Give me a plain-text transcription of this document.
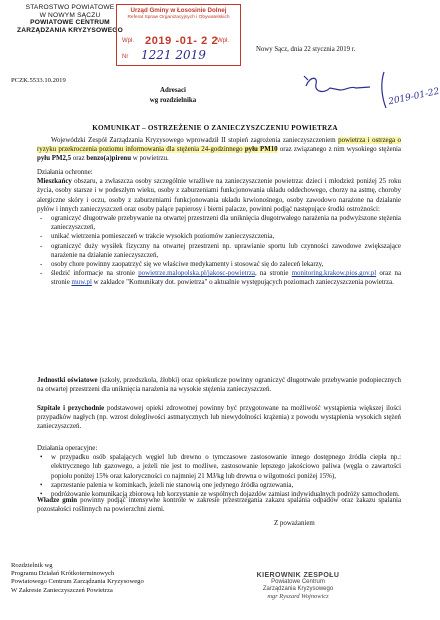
STAROSTWO POWIATOWE
W NOWYM SĄCZU
POWIATOWE CENTRUM
ZARZĄDZANIA KRYZYSOWEGO
Urząd Gminy w Łososinie Dolnej
Referat Spraw Organizacyjnych i Obywatelskich
Wpł. 2019 -01- 2 2
Wpł.
Nr 1221 2019	Nowy Sącz, dnia 22 stycznia 2019 r.
2019-01-22
PCZK.5533.10.2019
Adresaci
wg rozdzielnika
KOMUNIKAT – OSTRZEŻENIE O ZANIECZYSZCZENIU POWIETRZA
Wojewódzki Zespół Zarządzania Kryzysowego wprowadził II stopień zagrożenia zanieczyszczeniem powietrza i ostrzega o ryzyku przekroczenia poziomu informowania dla stężenia 24-godzinnego pyłu PM10 oraz związanego z nim wysokiego stężenia pyłu PM2,5 oraz benzo(a)pirenu w powietrzu.
Działania ochronne:
Mieszkańcy obszaru, a zwłaszcza osoby szczególnie wrażliwe na zanieczyszczenie powietrza: dzieci i młodzież poniżej 25 roku życia, osoby starsze i w podeszłym wieku, osoby z zaburzeniami funkcjonowania układu oddechowego, chorzy na astmę, choroby alergiczne skóry i oczu, osoby z zaburzeniami funkcjonowania układu krwionośnego, osoby zawodowo narażone na działanie pyłów i innych zanieczyszczeń oraz osoby palące papierosy i bierni palacze, powinni podjąć następujące środki ostrożności:
- ograniczyć długotrwałe przebywanie na otwartej przestrzeni dla uniknięcia długotrwałego narażenia na podwyższone stężenia zanieczyszczeń,
- unikać wietrzenia pomieszczeń w trakcie wysokich poziomów zanieczyszczenia,
- ograniczyć duży wysiłek fizyczny na otwartej przestrzeni np. uprawianie sportu lub czynności zawodowe zwiększające narażenie na działanie zanieczyszczeń,
- osoby chore powinny zaopatrzyć się we właściwe medykamenty i stosować się do zaleceń lekarzy,
- śledzić informacje na stronie powietrze.malopolska.pl/jakosc-powietrza, na stronie monitoring.krakow.pios.gov.pl oraz na stronie muw.pl w zakładce "Komunikaty dot. powietrza" o aktualnie występujących poziomach zanieczyszczenia powietrza.
Jednostki oświatowe (szkoły, przedszkola, żłobki) oraz opiekuńcze powinny ograniczyć długotrwałe przebywanie podopiecznych na otwartej przestrzeni dla uniknięcia narażenia na wysokie stężenia zanieczyszczeń.
Szpitale i przychodnie podstawowej opieki zdrowotnej powinny być przygotowane na możliwość wystąpienia większej ilości przypadków nagłych (np. wzrost dolegliwości astmatycznych lub niewydolności krążenia) z powodu wystąpienia wysokich stężeń zanieczyszczeń.
Działania operacyjne:
• w przypadku osób spalających węgiel lub drewno o tymczasowe zastosowanie innego dostępnego źródła ciepła np.: elektrycznego lub gazowego, a jeżeli nie jest to możliwe, zastosowanie lepszego jakościowo paliwa (węgla o zawartości popiołu poniżej 15% oraz kaloryczności co najmniej 21 MJ/kg lub drewna o wilgotności poniżej 15%),
• zaprzestanie palenia w kominkach, jeżeli nie stanowią one jedynego źródła ogrzewania,
• podróżowanie komunikacją zbiorową lub korzystanie ze wspólnych dojazdów zamiast indywidualnych podróży samochodem.
Władze gmin powinny podjąć intensywne kontrole w zakresie przestrzegania zakazu spalania odpadów oraz zakazu spalania pozostałości roślinnych na powierzchni ziemi.
Z poważaniem
KIEROWNIK ZESPOŁU
Powiatowe Centrum
Zarządzania Kryzysowego
mgr Ryszard Wojnowicz
Rozdzielnik wg
Programu Działań Krótkoterminowych
Powiatowego Centrum Zarządzania Kryzysowego
W Zakresie Zanieczyszczeń Powietrza
